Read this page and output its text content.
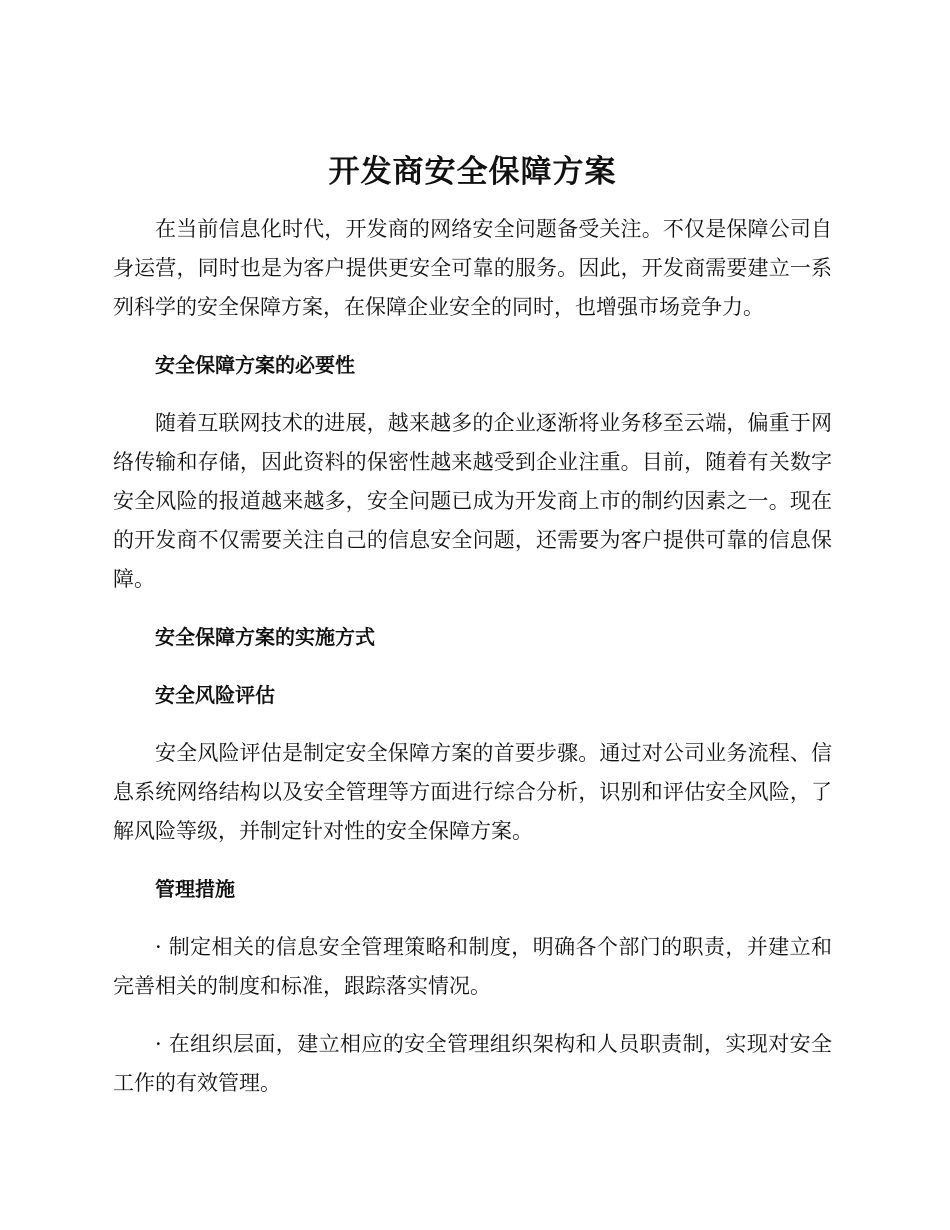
开发商安全保障方案

在当前信息化时代，开发商的网络安全问题备受关注。不仅是保障公司自身运营，同时也是为客户提供更安全可靠的服务。因此，开发商需要建立一系列科学的安全保障方案，在保障企业安全的同时，也增强市场竞争力。

安全保障方案的必要性

随着互联网技术的进展，越来越多的企业逐渐将业务移至云端，偏重于网络传输和存储，因此资料的保密性越来越受到企业注重。目前，随着有关数字安全风险的报道越来越多，安全问题已成为开发商上市的制约因素之一。现在的开发商不仅需要关注自己的信息安全问题，还需要为客户提供可靠的信息保障。

安全保障方案的实施方式
安全风险评估

安全风险评估是制定安全保障方案的首要步骤。通过对公司业务流程、信息系统网络结构以及安全管理等方面进行综合分析，识别和评估安全风险，了解风险等级，并制定针对性的安全保障方案。

管理措施

· 制定相关的信息安全管理策略和制度，明确各个部门的职责，并建立和完善相关的制度和标准，跟踪落实情况。

· 在组织层面，建立相应的安全管理组织架构和人员职责制，实现对安全工作的有效管理。
